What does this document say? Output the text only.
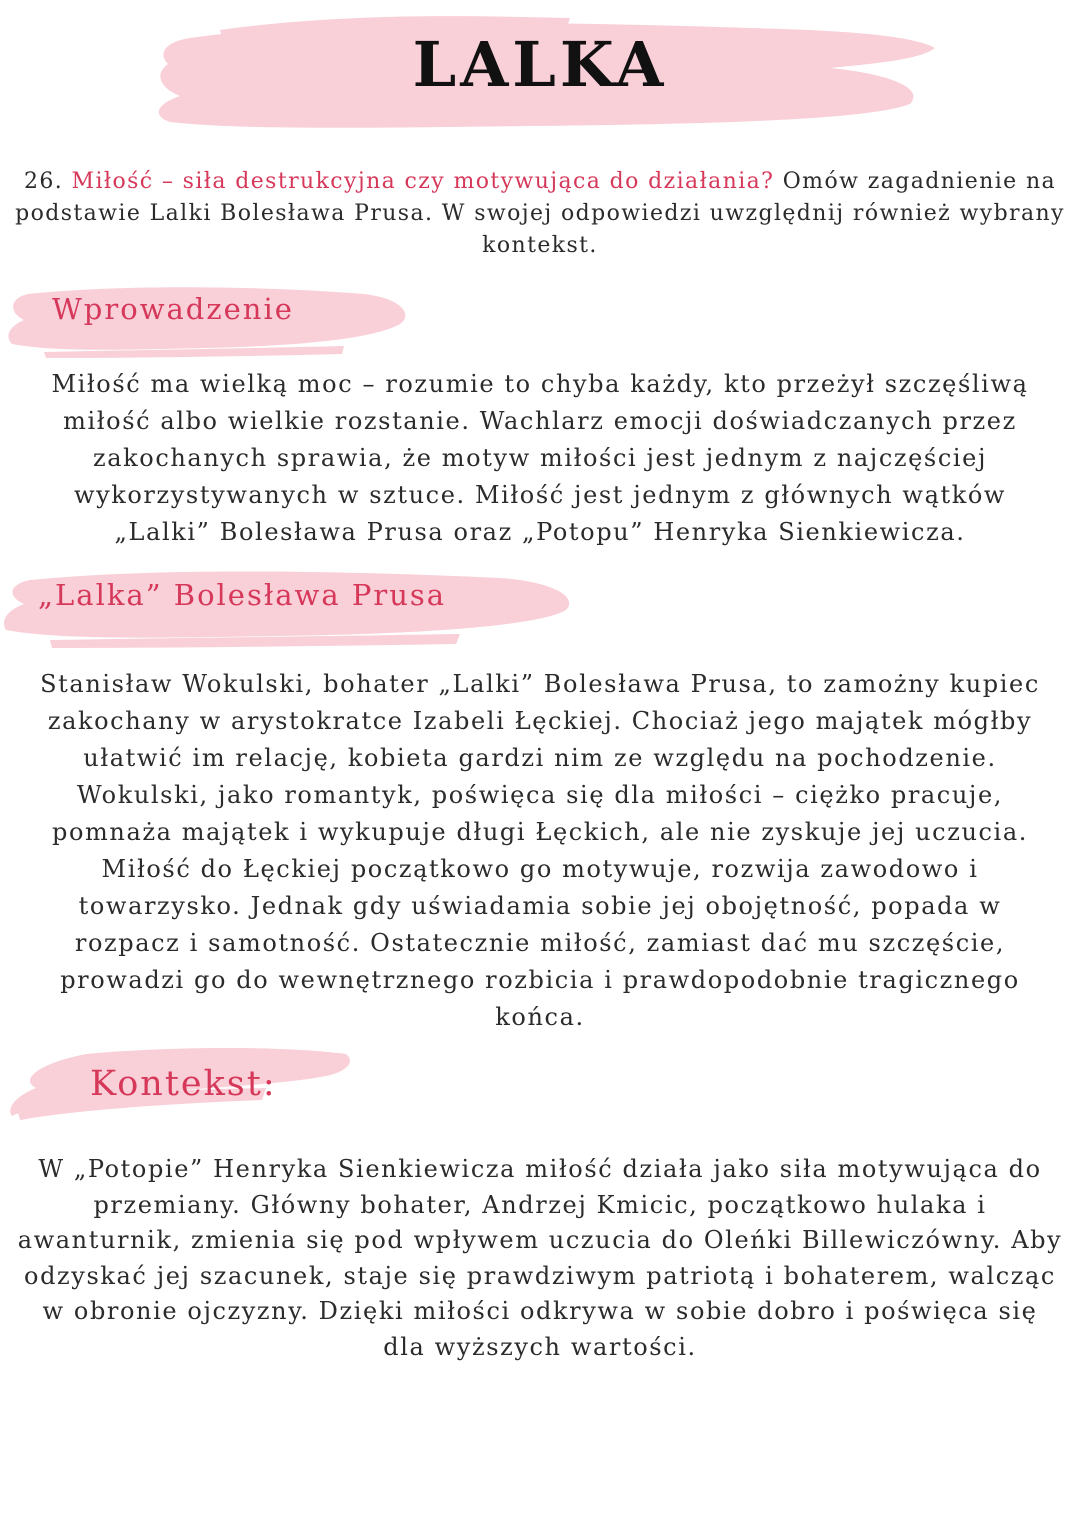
LALKA

26. Miłość – siła destrukcyjna czy motywująca do działania? Omów zagadnienie na
podstawie Lalki Bolesława Prusa. W swojej odpowiedzi uwzględnij również wybrany
kontekst.

Wprowadzenie

Miłość ma wielką moc – rozumie to chyba każdy, kto przeżył szczęśliwą
miłość albo wielkie rozstanie. Wachlarz emocji doświadczanych przez
zakochanych sprawia, że motyw miłości jest jednym z najczęściej
wykorzystywanych w sztuce. Miłość jest jednym z głównych wątków
„Lalki” Bolesława Prusa oraz „Potopu” Henryka Sienkiewicza.

„Lalka” Bolesława Prusa

Stanisław Wokulski, bohater „Lalki” Bolesława Prusa, to zamożny kupiec
zakochany w arystokratce Izabeli Łęckiej. Chociaż jego majątek mógłby
ułatwić im relację, kobieta gardzi nim ze względu na pochodzenie.
Wokulski, jako romantyk, poświęca się dla miłości – ciężko pracuje,
pomnaża majątek i wykupuje długi Łęckich, ale nie zyskuje jej uczucia.
Miłość do Łęckiej początkowo go motywuje, rozwija zawodowo i
towarzysko. Jednak gdy uświadamia sobie jej obojętność, popada w
rozpacz i samotność. Ostatecznie miłość, zamiast dać mu szczęście,
prowadzi go do wewnętrznego rozbicia i prawdopodobnie tragicznego
końca.

Kontekst:

W „Potopie” Henryka Sienkiewicza miłość działa jako siła motywująca do
przemiany. Główny bohater, Andrzej Kmicic, początkowo hulaka i
awanturnik, zmienia się pod wpływem uczucia do Oleńki Billewiczówny. Aby
odzyskać jej szacunek, staje się prawdziwym patriotą i bohaterem, walcząc
w obronie ojczyzny. Dzięki miłości odkrywa w sobie dobro i poświęca się
dla wyższych wartości.
